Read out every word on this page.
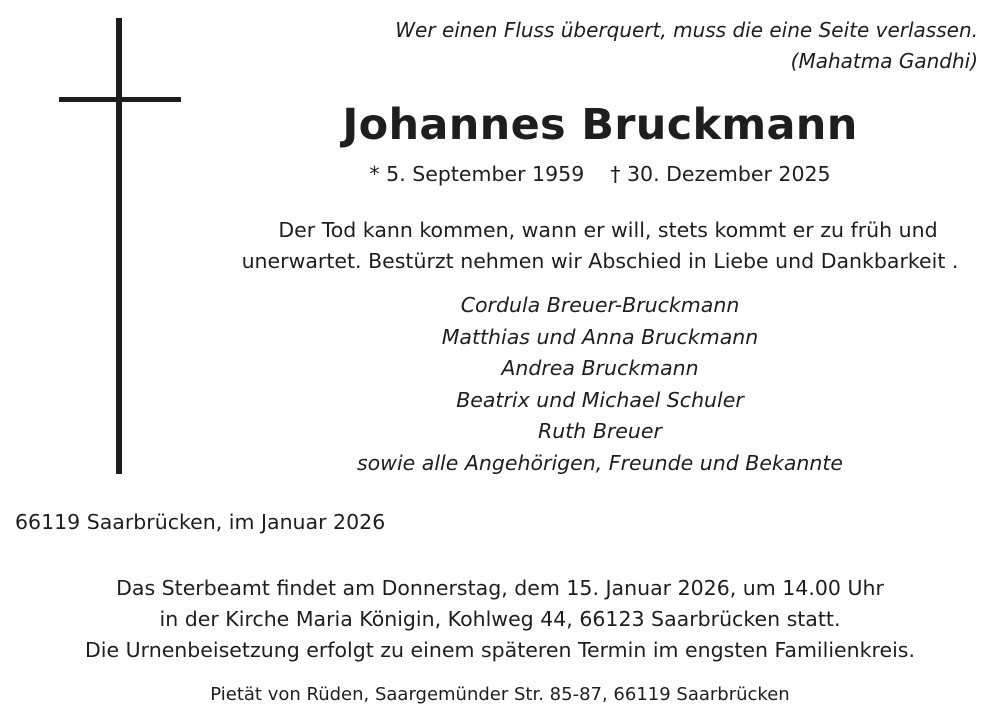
Wer einen Fluss überquert, muss die eine Seite verlassen.

(Mahatma Gandhi)

Johannes Bruckmann

* 5. September 1959 † 30. Dezember 2025

Der Tod kann kommen, wann er will, stets kommt er zu früh und

unerwartet. Bestürzt nehmen wir Abschied in Liebe und Dankbarkeit .

Cordula Breuer-Bruckmann
Matthias und Anna Bruckmann
Andrea Bruckmann
Beatrix und Michael Schuler
Ruth Breuer
sowie alle Angehörigen, Freunde und Bekannte

66119 Saarbrücken, im Januar 2026

Das Sterbeamt findet am Donnerstag, dem 15. Januar 2026, um 14.00 Uhr

in der Kirche Maria Königin, Kohlweg 44, 66123 Saarbrücken statt.

Die Urnenbeisetzung erfolgt zu einem späteren Termin im engsten Familienkreis.

Pietät von Rüden, Saargemünder Str. 85-87, 66119 Saarbrücken
